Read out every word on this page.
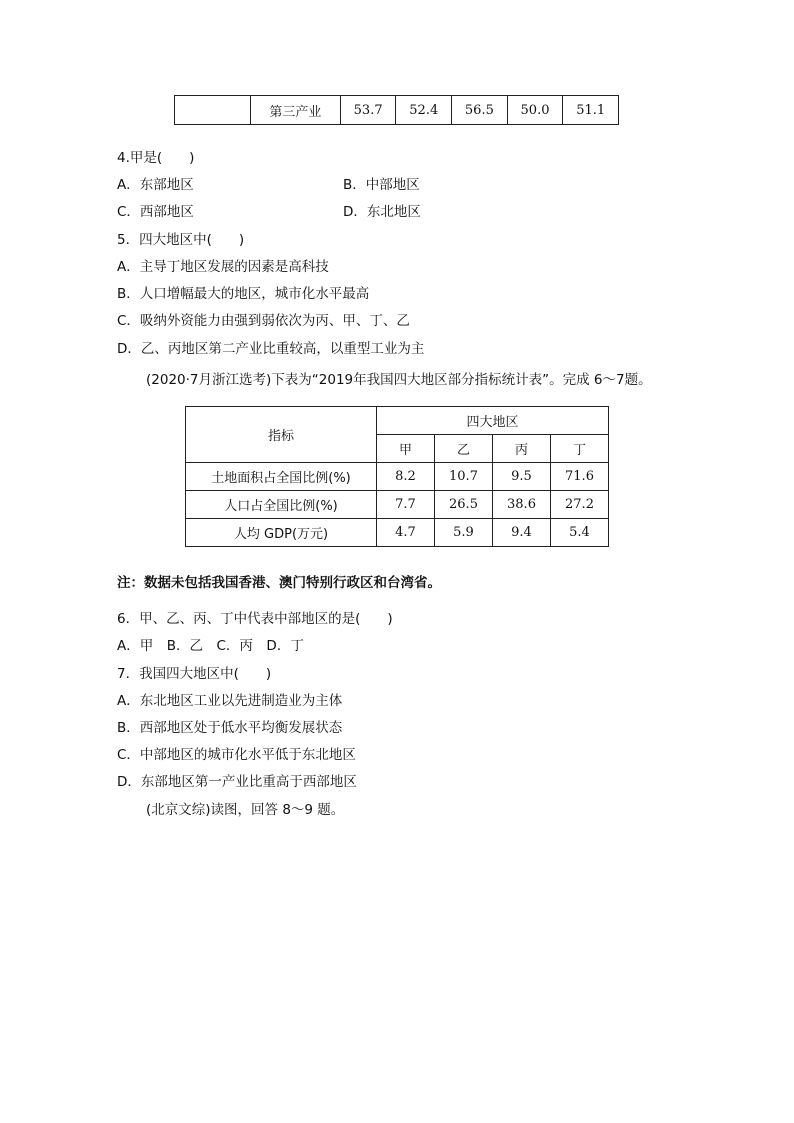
	第三产业	53.7	52.4	56.5	50.0	51.1
4.甲是(　　)
A．东部地区	B．中部地区
C．西部地区	D．东北地区
5．四大地区中(　　)
A．主导丁地区发展的因素是高科技
B．人口增幅最大的地区，城市化水平最高
C．吸纳外资能力由强到弱依次为丙、甲、丁、乙
D．乙、丙地区第二产业比重较高，以重型工业为主
(2020·7月浙江选考)下表为“2019年我国四大地区部分指标统计表”。完成 6～7题。
指标	四大地区			
	甲	乙	丙	丁
土地面积占全国比例(%)	8.2	10.7	9.5	71.6
人口占全国比例(%)	7.7	26.5	38.6	27.2
人均 GDP(万元)	4.7	5.9	9.4	5.4
注：数据未包括我国香港、澳门特别行政区和台湾省。
6．甲、乙、丙、丁中代表中部地区的是(　　)
A．甲　B．乙　C．丙　D．丁
7．我国四大地区中(　　)
A．东北地区工业以先进制造业为主体
B．西部地区处于低水平均衡发展状态
C．中部地区的城市化水平低于东北地区
D．东部地区第一产业比重高于西部地区
(北京文综)读图，回答 8～9 题。
